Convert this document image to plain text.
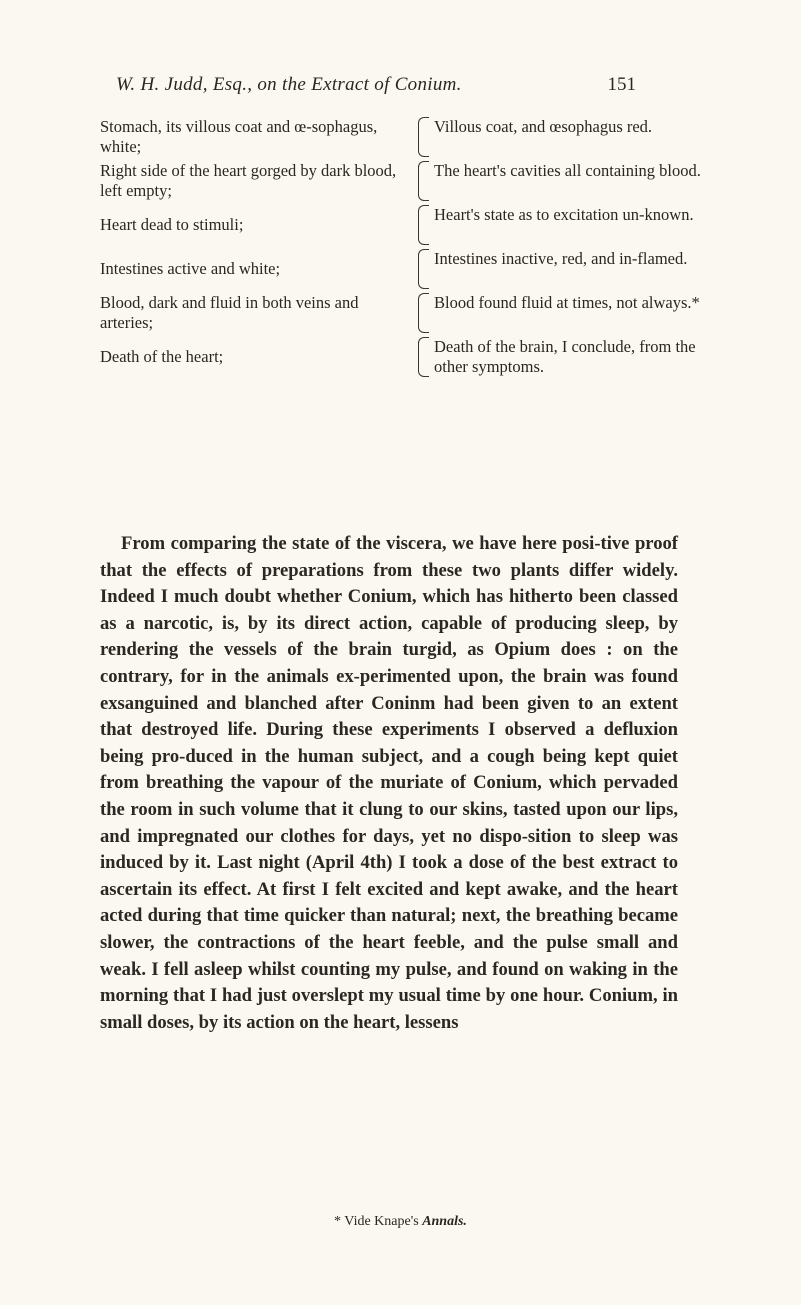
W. H. Judd, Esq., on the Extract of Conium.	151
Stomach, its villous coat and œ-sophagus, white;
Villous coat, and œsophagus red.
Right side of the heart gorged by dark blood, left empty;
The heart's cavities all containing blood.
Heart dead to stimuli;
Heart's state as to excitation un-known.
Intestines active and white;
Intestines inactive, red, and in-flamed.
Blood, dark and fluid in both veins and arteries;
Blood found fluid at times, not always.*
Death of the heart;
Death of the brain, I conclude, from the other symptoms.

From comparing the state of the viscera, we have here posi-tive proof that the effects of preparations from these two plants differ widely. Indeed I much doubt whether Conium, which has hitherto been classed as a narcotic, is, by its direct action, capable of producing sleep, by rendering the vessels of the brain turgid, as Opium does : on the contrary, for in the animals ex-perimented upon, the brain was found exsanguined and blanched after Coninm had been given to an extent that destroyed life. During these experiments I observed a defluxion being pro-duced in the human subject, and a cough being kept quiet from breathing the vapour of the muriate of Conium, which pervaded the room in such volume that it clung to our skins, tasted upon our lips, and impregnated our clothes for days, yet no dispo-sition to sleep was induced by it. Last night (April 4th) I took a dose of the best extract to ascertain its effect. At first I felt excited and kept awake, and the heart acted during that time quicker than natural; next, the breathing became slower, the contractions of the heart feeble, and the pulse small and weak. I fell asleep whilst counting my pulse, and found on waking in the morning that I had just overslept my usual time by one hour. Conium, in small doses, by its action on the heart, lessens

* Vide Knape's Annals.
